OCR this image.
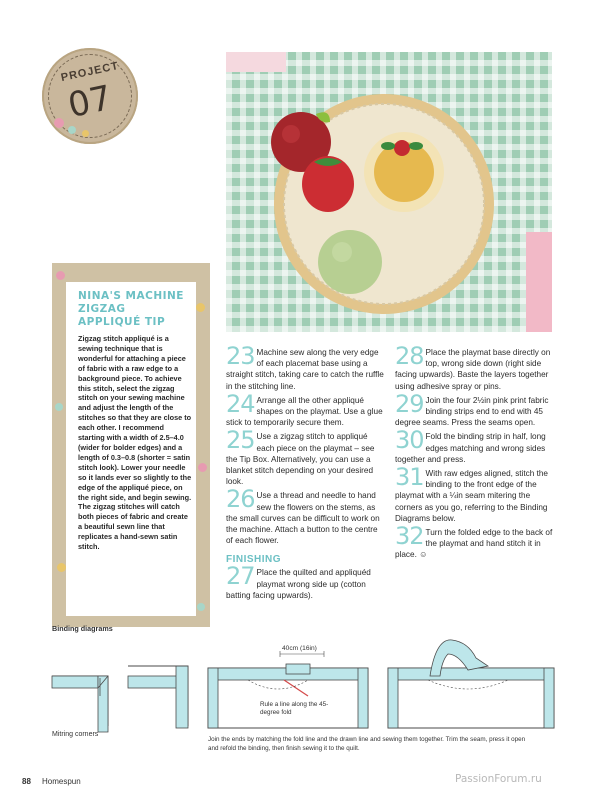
PROJECT
07
NINA'S MACHINE ZIGZAG APPLIQUÉ TIP
Zigzag stitch appliqué is a sewing technique that is wonderful for attaching a piece of fabric with a raw edge to a background piece. To achieve this stitch, select the zigzag stitch on your sewing machine and adjust the length of the stitches so that they are close to each other. I recommend starting with a width of 2.5–4.0 (wider for bolder edges) and a length of 0.3–0.8 (shorter = satin stitch look). Lower your needle so it lands ever so slightly to the edge of the appliqué piece, on the right side, and begin sewing. The zigzag stitches will catch both pieces of fabric and create a beautiful sewn line that replicates a hand-sewn satin stitch.
23 Machine sew along the very edge of each placemat base using a straight stitch, taking care to catch the ruffle in the stitching line.
24 Arrange all the other appliqué shapes on the playmat. Use a glue stick to temporarily secure them.
25 Use a zigzag stitch to appliqué each piece on the playmat – see the Tip Box. Alternatively, you can use a blanket stitch depending on your desired look.
26 Use a thread and needle to hand sew the flowers on the stems, as the small curves can be difficult to work on the machine. Attach a button to the centre of each flower.
FINISHING
27 Place the quilted and appliquéd playmat wrong side up (cotton batting facing upwards).
28 Place the playmat base directly on top, wrong side down (right side facing upwards). Baste the layers together using adhesive spray or pins.
29 Join the four 2½in pink print fabric binding strips end to end with 45 degree seams. Press the seams open.
30 Fold the binding strip in half, long edges matching and wrong sides together and press.
31 With raw edges aligned, stitch the binding to the front edge of the playmat with a ¼in seam mitering the corners as you go, referring to the Binding Diagrams below.
32 Turn the folded edge to the back of the playmat and hand stitch it in place. ☺
Binding diagrams
40cm (16in)
Rule a line along the 45-degree fold
Mitring corners
Join the ends by matching the fold line and the drawn line and sewing them together. Trim the seam, press it open and refold the binding, then finish sewing it to the quilt.
88 Homespun	PassionForum.ru
